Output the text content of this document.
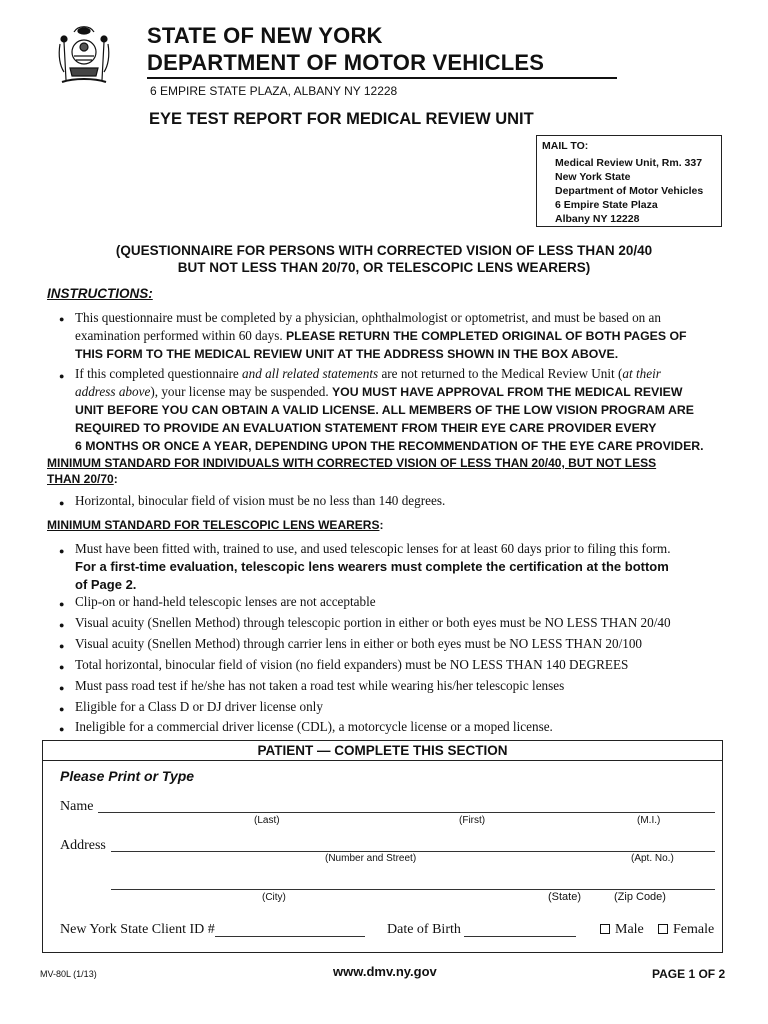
STATE OF NEW YORK
DEPARTMENT OF MOTOR VEHICLES
6 EMPIRE STATE PLAZA, ALBANY NY 12228
EYE TEST REPORT FOR MEDICAL REVIEW UNIT
MAIL TO:
Medical Review Unit, Rm. 337
New York State
Department of Motor Vehicles
6 Empire State Plaza
Albany NY 12228
(QUESTIONNAIRE FOR PERSONS WITH CORRECTED VISION OF LESS THAN 20/40
BUT NOT LESS THAN 20/70, OR TELESCOPIC LENS WEARERS)
INSTRUCTIONS:
● This questionnaire must be completed by a physician, ophthalmologist or optometrist, and must be based on an
examination performed within 60 days. PLEASE RETURN THE COMPLETED ORIGINAL OF BOTH PAGES OF
THIS FORM TO THE MEDICAL REVIEW UNIT AT THE ADDRESS SHOWN IN THE BOX ABOVE.
● If this completed questionnaire and all related statements are not returned to the Medical Review Unit (at their
address above), your license may be suspended. YOU MUST HAVE APPROVAL FROM THE MEDICAL REVIEW
UNIT BEFORE YOU CAN OBTAIN A VALID LICENSE. ALL MEMBERS OF THE LOW VISION PROGRAM ARE
REQUIRED TO PROVIDE AN EVALUATION STATEMENT FROM THEIR EYE CARE PROVIDER EVERY
6 MONTHS OR ONCE A YEAR, DEPENDING UPON THE RECOMMENDATION OF THE EYE CARE PROVIDER.
MINIMUM STANDARD FOR INDIVIDUALS WITH CORRECTED VISION OF LESS THAN 20/40, BUT NOT LESS
THAN 20/70:
● Horizontal, binocular field of vision must be no less than 140 degrees.
MINIMUM STANDARD FOR TELESCOPIC LENS WEARERS:
● Must have been fitted with, trained to use, and used telescopic lenses for at least 60 days prior to filing this form.
For a first-time evaluation, telescopic lens wearers must complete the certification at the bottom
of Page 2.
● Clip-on or hand-held telescopic lenses are not acceptable
● Visual acuity (Snellen Method) through telescopic portion in either or both eyes must be NO LESS THAN 20/40
● Visual acuity (Snellen Method) through carrier lens in either or both eyes must be NO LESS THAN 20/100
● Total horizontal, binocular field of vision (no field expanders) must be NO LESS THAN 140 DEGREES
● Must pass road test if he/she has not taken a road test while wearing his/her telescopic lenses
● Eligible for a Class D or DJ driver license only
● Ineligible for a commercial driver license (CDL), a motorcycle license or a moped license.
PATIENT — COMPLETE THIS SECTION
Please Print or Type
Name
(Last)	(First)	(M.I.)
Address
(Number and Street)	(Apt. No.)
(City)	(State)	(Zip Code)
New York State Client ID #	Date of Birth	Male Female
MV-80L (1/13)	www.dmv.ny.gov	PAGE 1 OF 2
